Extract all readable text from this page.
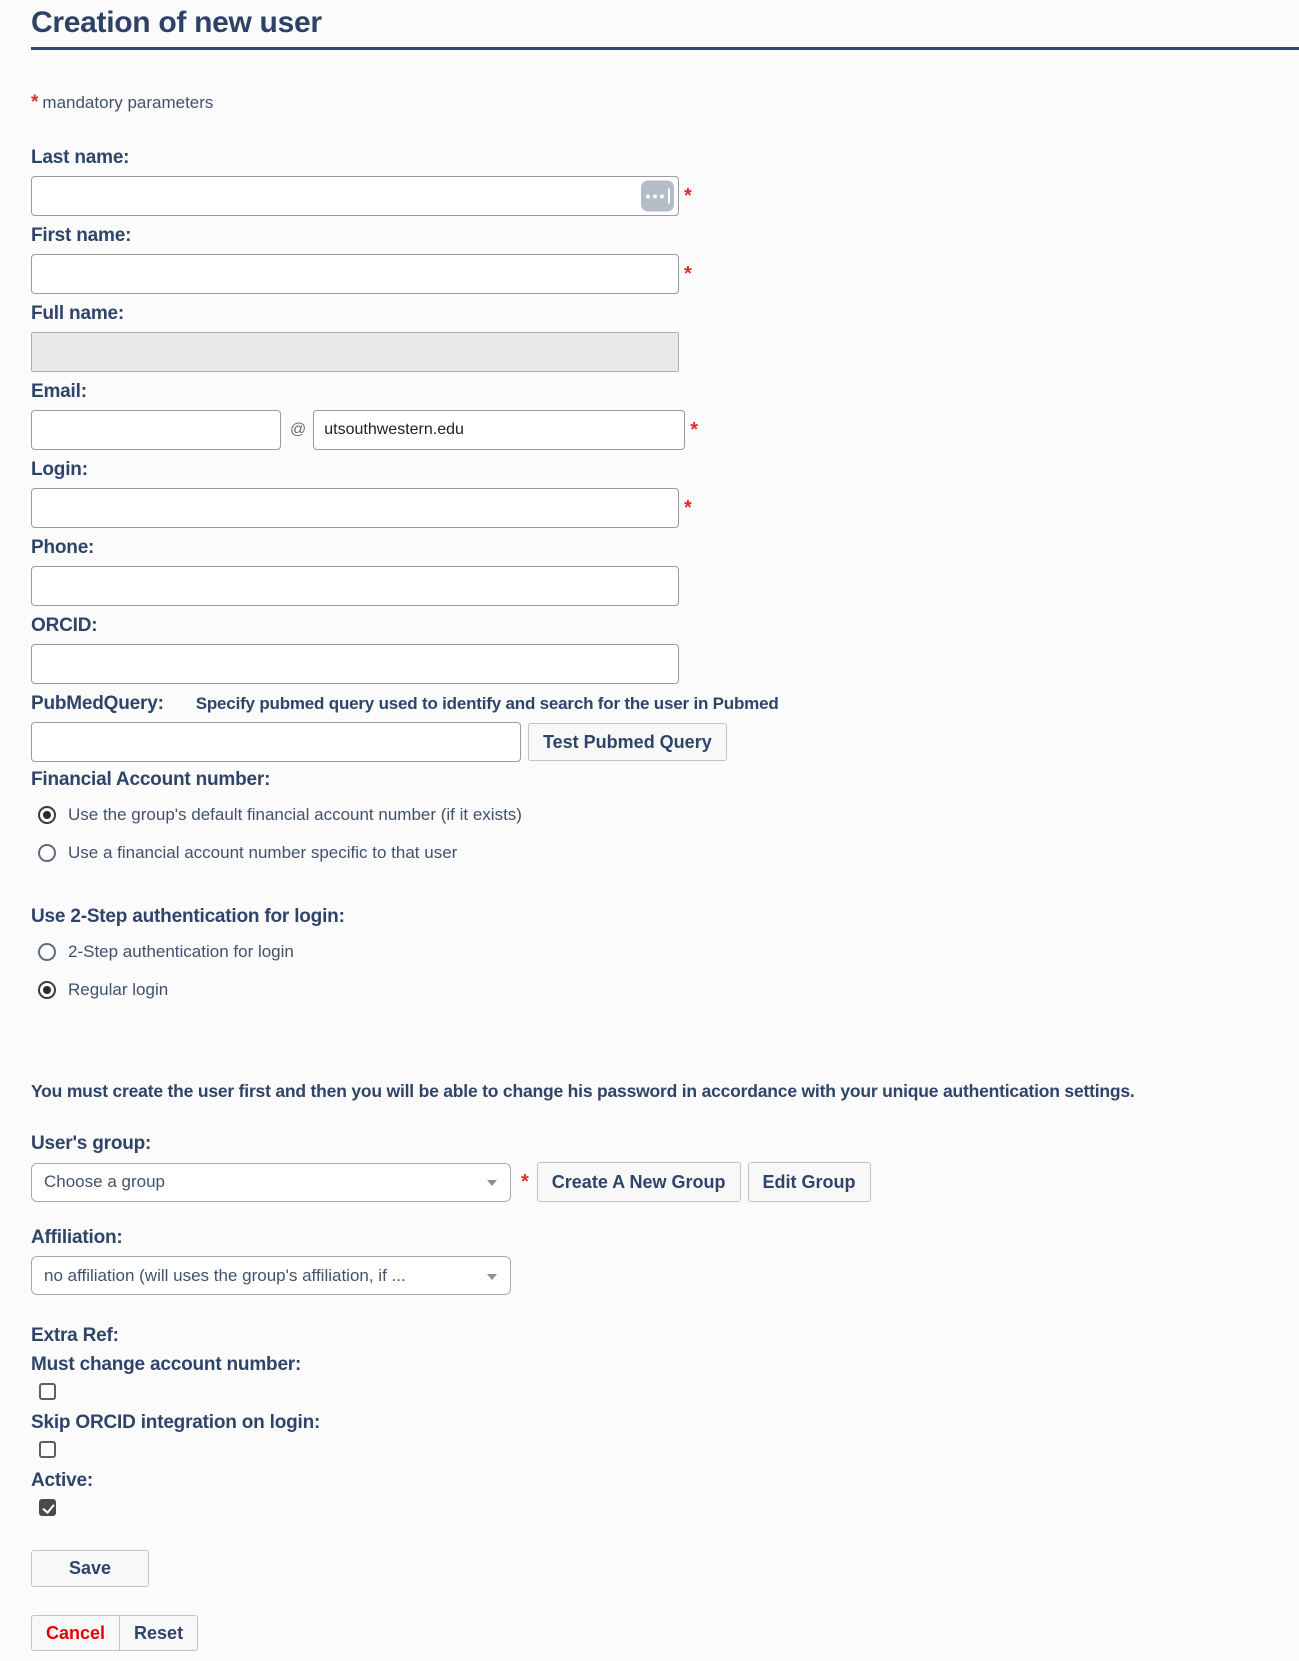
Creation of new user

* mandatory parameters

Last name:
*
First name:
*
Full name:
Email:
@
utsouthwestern.edu	*
Login:
*
Phone:
ORCID:
PubMedQuery: Specify pubmed query used to identify and search for the user in Pubmed
Test Pubmed Query
Financial Account number:
Use the group's default financial account number (if it exists)
Use a financial account number specific to that user
Use 2-Step authentication for login:
2-Step authentication for login
Regular login

You must create the user first and then you will be able to change his password in accordance with your unique authentication settings.

User's group:
Choose a group	*	Create A New Group	Edit Group
Affiliation:
no affiliation (will uses the group's affiliation, if ...
Extra Ref:
Must change account number:
Skip ORCID integration on login:
Active:
Save
Cancel	Reset
